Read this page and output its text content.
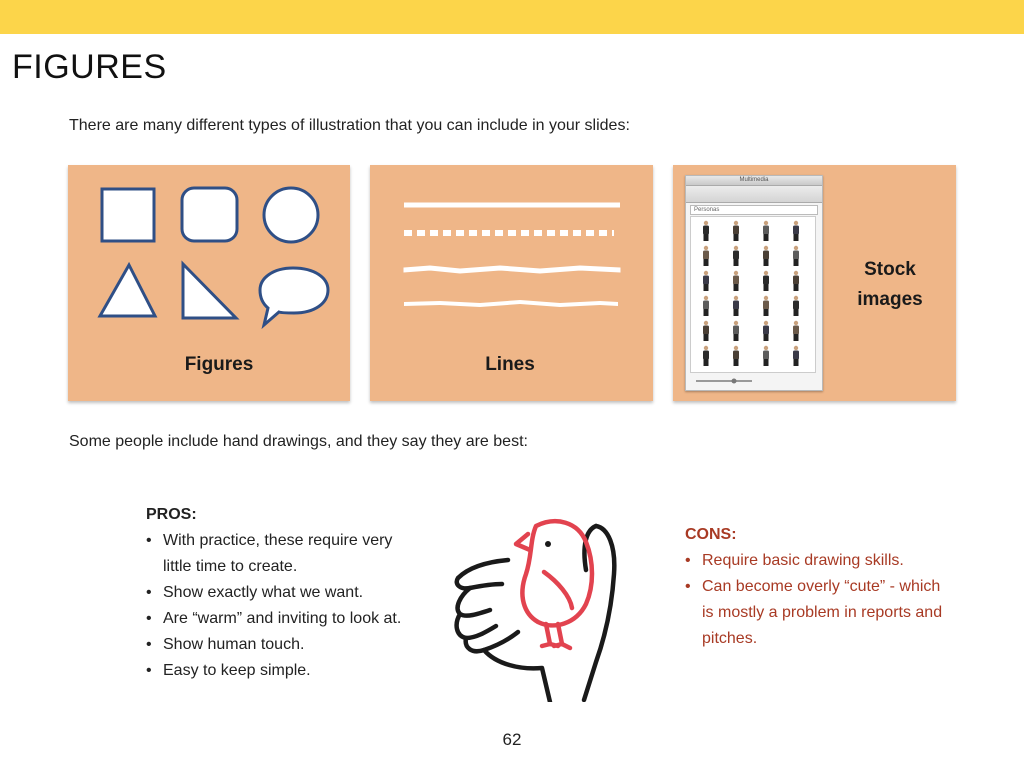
FIGURES
There are many different types of illustration that you can include in your slides:
Figures	Lines
Multimedia
Personas
Stock
images
Some people include hand drawings, and they say they are best:
PROS:
• With practice, these require very little time to create.
• Show exactly what we want.
• Are “warm” and inviting to look at.
• Show human touch.
• Easy to keep simple.
CONS:
• Require basic drawing skills.
• Can become overly “cute” - which is mostly a problem in reports and pitches.
62
